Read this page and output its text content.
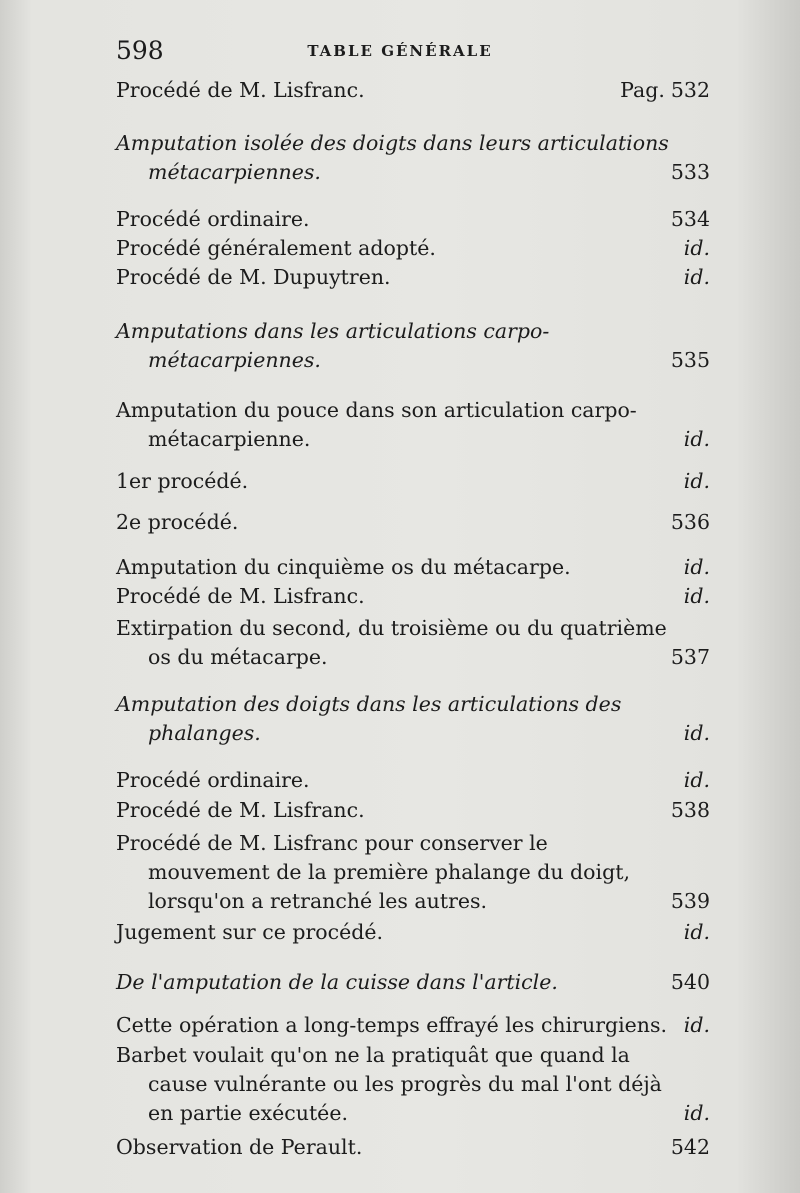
598	TABLE GÉNÉRALE
Procédé de M. Lisfranc.	Pag. 532
Amputation isolée des doigts dans leurs articulations métacarpiennes.	533
Procédé ordinaire.	534
Procédé généralement adopté.	id.
Procédé de M. Dupuytren.	id.
Amputations dans les articulations carpo-métacarpiennes.	535
Amputation du pouce dans son articulation carpo-métacarpienne.	id.
1er procédé.	id.
2e procédé.	536
Amputation du cinquième os du métacarpe.	id.
Procédé de M. Lisfranc.	id.
Extirpation du second, du troisième ou du quatrième os du métacarpe.	537
Amputation des doigts dans les articulations des phalanges.	id.
Procédé ordinaire.	id.
Procédé de M. Lisfranc.	538
Procédé de M. Lisfranc pour conserver le mouvement de la première phalange du doigt, lorsqu'on a retranché les autres.	539
Jugement sur ce procédé.	id.
De l'amputation de la cuisse dans l'article.	540
Cette opération a long-temps effrayé les chirurgiens. id.
Barbet voulait qu'on ne la pratiquât que quand la cause vulnérante ou les progrès du mal l'ont déjà en partie exécutée.	id.
Observation de Perault.	542
